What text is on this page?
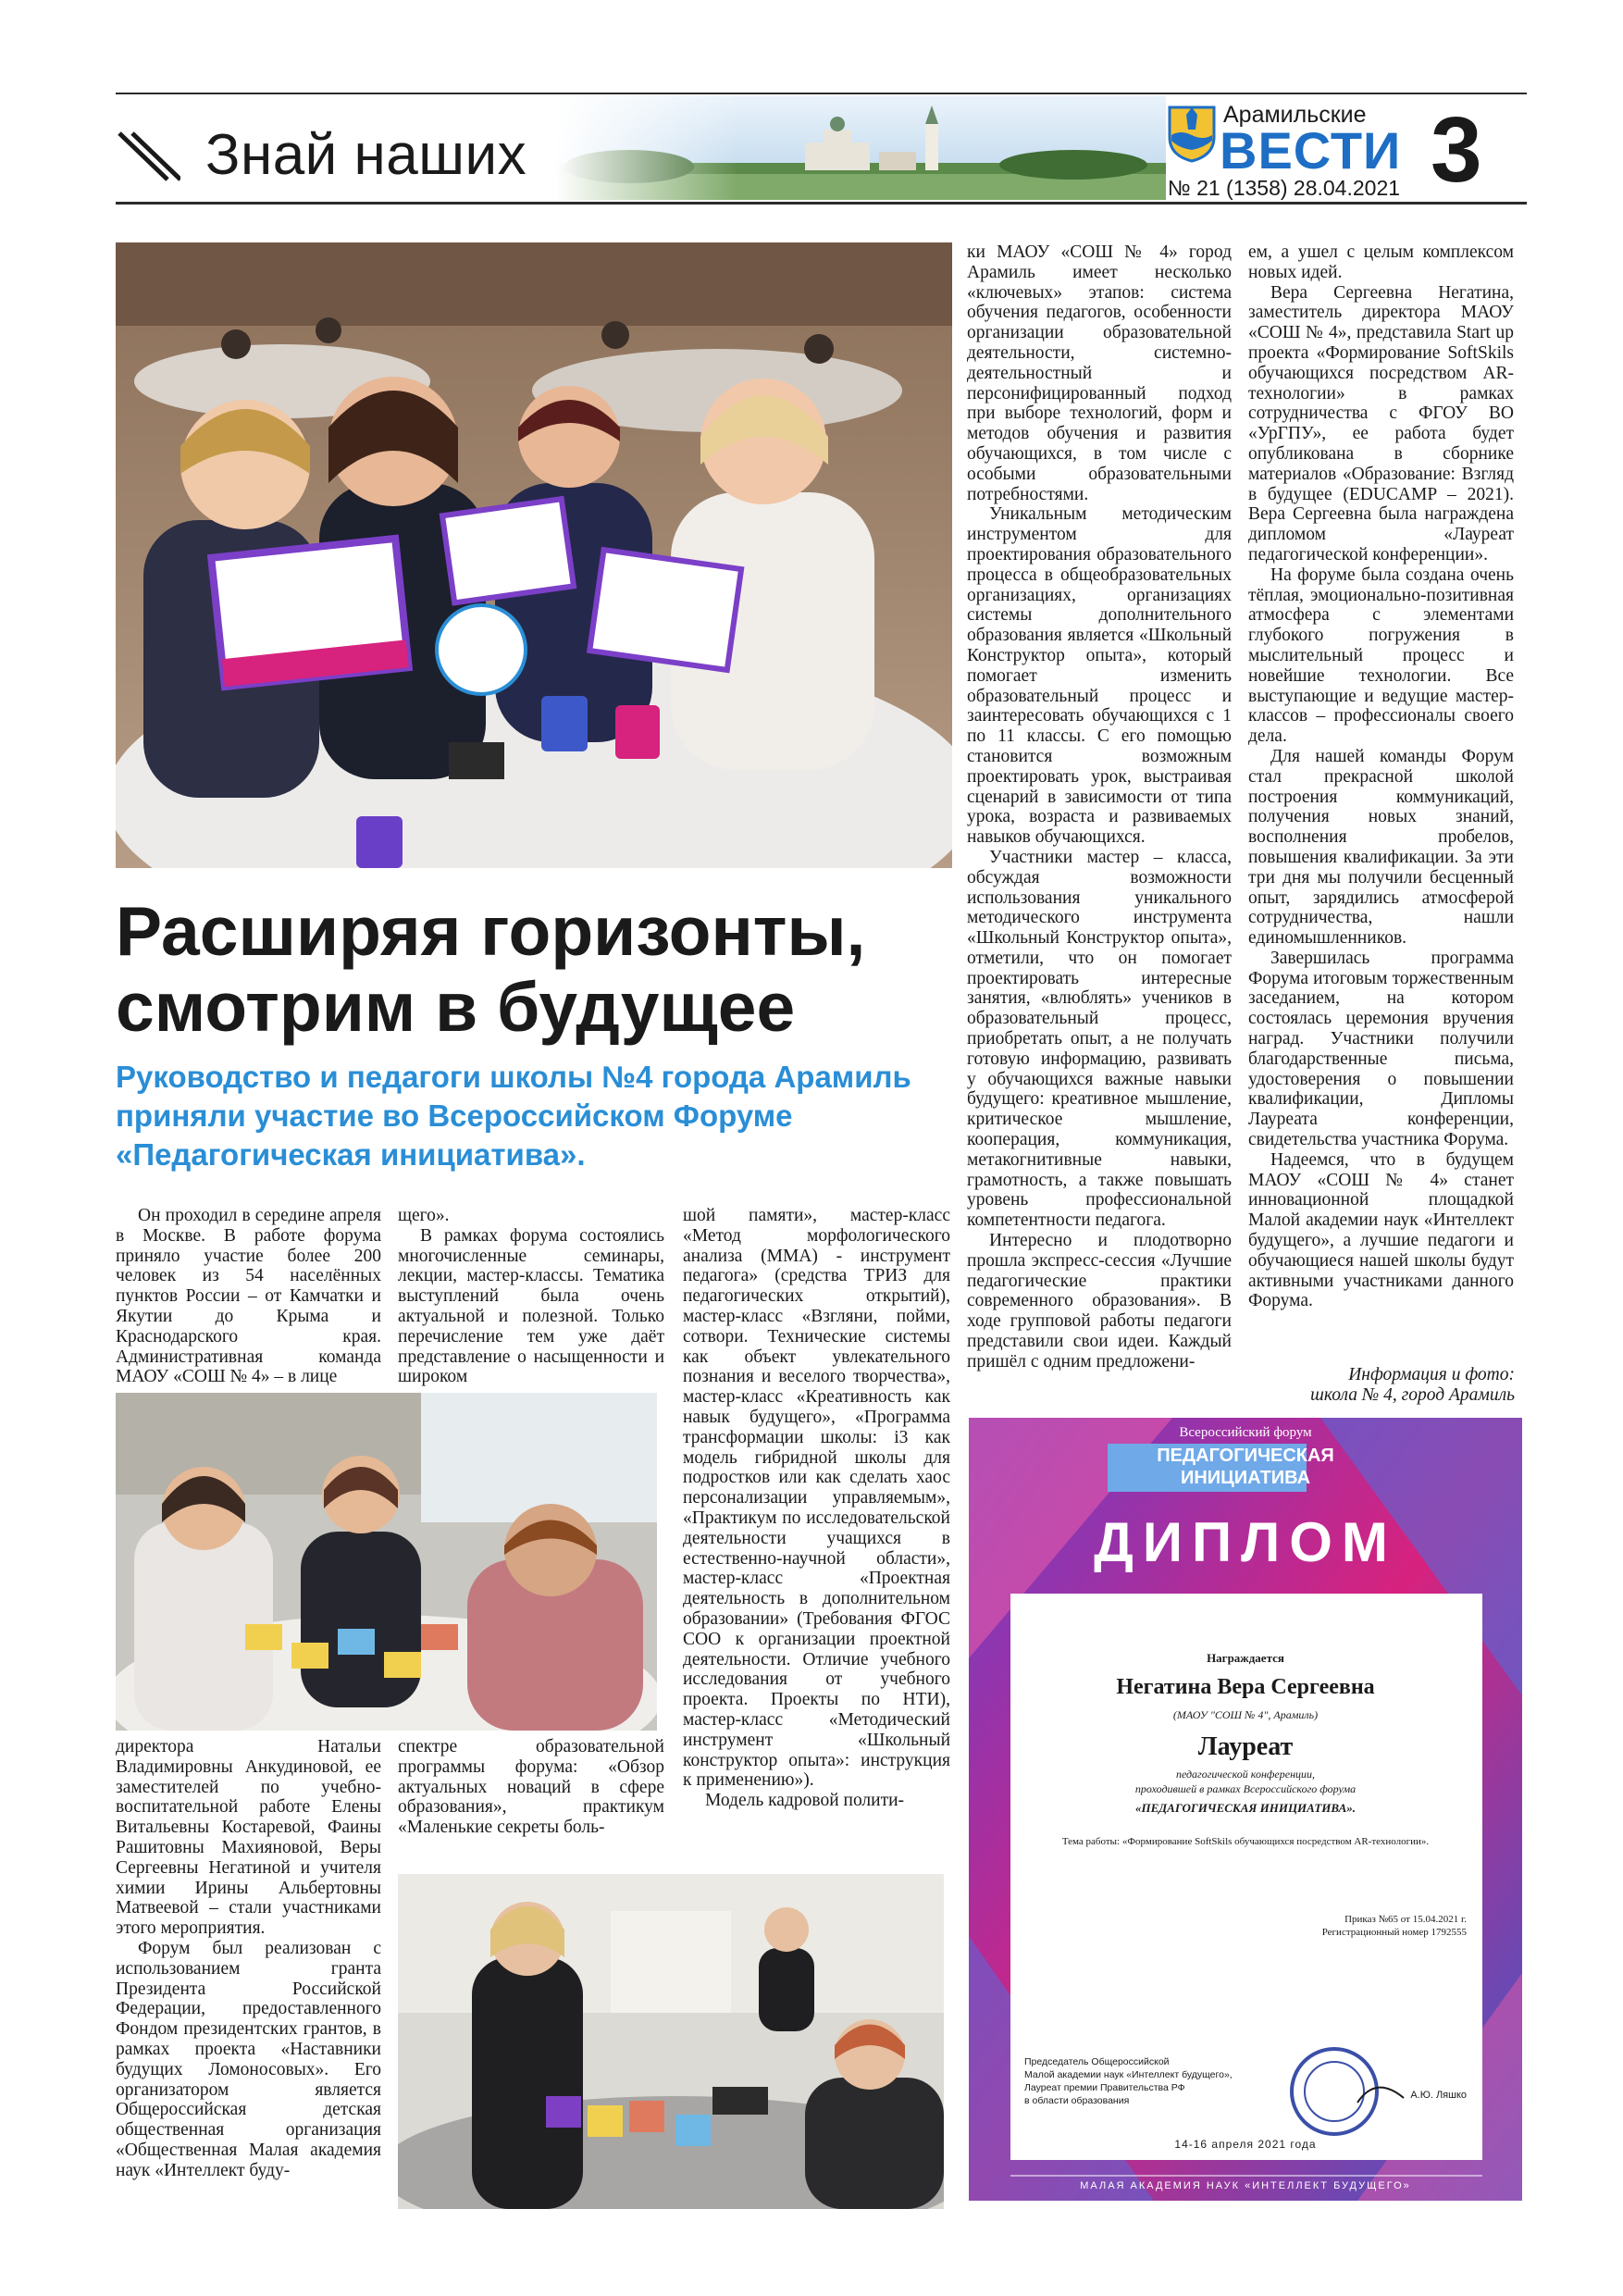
Знай наших
Арамильские
ВЕСТИ
№ 21 (1358) 28.04.2021 3
Расширяя горизонты,
смотрим в будущее

Руководство и педагоги школы №4 города Арамиль приняли участие во Всероссийском Форуме «Педагогическая инициатива».

Он проходил в середине апреля в Москве. В работе форума приняло участие более 200 человек из 54 населённых пунктов России – от Камчатки и Якутии до Крыма и Краснодарского края. Административная команда МАОУ «СОШ № 4» – в лице

щего».

В рамках форума состоялись многочисленные семинары, лекции, мастер-классы. Тематика выступлений была очень актуальной и полезной. Только перечисление тем уже даёт представление о насыщенности и широком

шой памяти», мастер-класс «Метод морфологического анализа (ММА) - инструмент педагога» (средства ТРИЗ для педагогических открытий), мастер-класс «Взгляни, пойми, сотвори. Технические системы как объект увлекательного познания и веселого творчества», мастер-класс «Креативность как навык будущего», «Программа трансформации школы: i3 как модель гибридной школы для подростков или как сделать хаос персонализации управляемым», «Практикум по исследовательской деятельности учащихся в естественно-научной области», мастер-класс «Проектная деятельность в дополнительном образовании» (Требования ФГОС СОО к организации проектной деятельности. Отличие учебного исследования от учебного проекта. Проекты по НТИ), мастер-класс «Методический инструмент «Школьный конструктор опыта»: инструкция к применению»).

Модель кадровой полити-

директора Натальи Владимировны Анкудиновой, ее заместителей по учебно-воспитательной работе Елены Витальевны Костаревой, Фаины Рашитовны Махияновой, Веры Сергеевны Негатиной и учителя химии Ирины Альбертовны Матвеевой – стали участниками этого мероприятия.

Форум был реализован с использованием гранта Президента Российской Федерации, предоставленного Фондом президентских грантов, в рамках проекта «Наставники будущих Ломоносовых». Его организатором является Общероссийская детская общественная организация «Общественная Малая академия наук «Интеллект буду-

спектре образовательной программы форума: «Обзор актуальных новаций в сфере образования», практикум «Маленькие секреты боль-

ки МАОУ «СОШ № 4» город Арамиль имеет несколько «ключевых» этапов: система обучения педагогов, особенности организации образовательной деятельности, системно-деятельностный и персонифицированный подход при выборе технологий, форм и методов обучения и развития обучающихся, в том числе с особыми образовательными потребностями.

Уникальным методическим инструментом для проектирования образовательного процесса в общеобразовательных организациях, организациях системы дополнительного образования является «Школьный Конструктор опыта», который помогает изменить образовательный процесс и заинтересовать обучающихся с 1 по 11 классы. С его помощью становится возможным проектировать урок, выстраивая сценарий в зависимости от типа урока, возраста и развиваемых навыков обучающихся.

Участники мастер – класса, обсуждая возможности использования уникального методического инструмента «Школьный Конструктор опыта», отметили, что он помогает проектировать интересные занятия, «влюблять» учеников в образовательный процесс, приобретать опыт, а не получать готовую информацию, развивать у обучающихся важные навыки будущего: креативное мышление, критическое мышление, кооперация, коммуникация, метакогнитивные навыки, грамотность, а также повышать уровень профессиональной компетентности педагога.

Интересно и плодотворно прошла экспресс-сессия «Лучшие педагогические практики современного образования». В ходе групповой работы педагоги представили свои идеи. Каждый пришёл с одним предложени-

ем, а ушел с целым комплексом новых идей.

Вера Сергеевна Негатина, заместитель директора МАОУ «СОШ № 4», представила Start up проекта «Формирование SoftSkils обучающихся посредством AR-технологии» в рамках сотрудничества с ФГОУ ВО «УрГПУ», ее работа будет опубликована в сборнике материалов «Образование: Взгляд в будущее (EDUCAMP – 2021). Вера Сергеевна была награждена дипломом «Лауреат педагогической конференции».

На форуме была создана очень тёплая, эмоционально-позитивная атмосфера с элементами глубокого погружения в мыслительный процесс и новейшие технологии. Все выступающие и ведущие мастер-классов – профессионалы своего дела.

Для нашей команды Форум стал прекрасной школой построения коммуникаций, получения новых знаний, восполнения пробелов, повышения квалификации. За эти три дня мы получили бесценный опыт, зарядились атмосферой сотрудничества, нашли единомышленников.

Завершилась программа Форума итоговым торжественным заседанием, на котором состоялась церемония вручения наград. Участники получили благодарственные письма, удостоверения о повышении квалификации, Дипломы Лауреата конференции, свидетельства участника Форума.

Надеемся, что в будущем МАОУ «СОШ № 4» станет инновационной площадкой Малой академии наук «Интеллект будущего», а лучшие педагоги и обучающиеся нашей школы будут активными участниками данного Форума.

Информация и фото:
школа № 4, город Арамиль
Всероссийский форум
ПЕДАГОГИЧЕСКАЯ
ИНИЦИАТИВА
ДИПЛОМ
Награждается
Негатина Вера Сергеевна
(МАОУ "СОШ № 4", Арамиль)
Лауреат
педагогической конференции,
проходившей в рамках Всероссийского форума
«ПЕДАГОГИЧЕСКАЯ ИНИЦИАТИВА».
Тема работы: «Формирование SoftSkils обучающихся посредством AR-технологии».
Приказ №65 от 15.04.2021 г.
Регистрационный номер 1792555
Председатель Общероссийской
Малой академии наук «Интеллект будущего»,
Лауреат премии Правительства РФ
в области образования	А.Ю. Ляшко
14-16 апреля 2021 года
МАЛАЯ АКАДЕМИЯ НАУК «ИНТЕЛЛЕКТ БУДУЩЕГО»
